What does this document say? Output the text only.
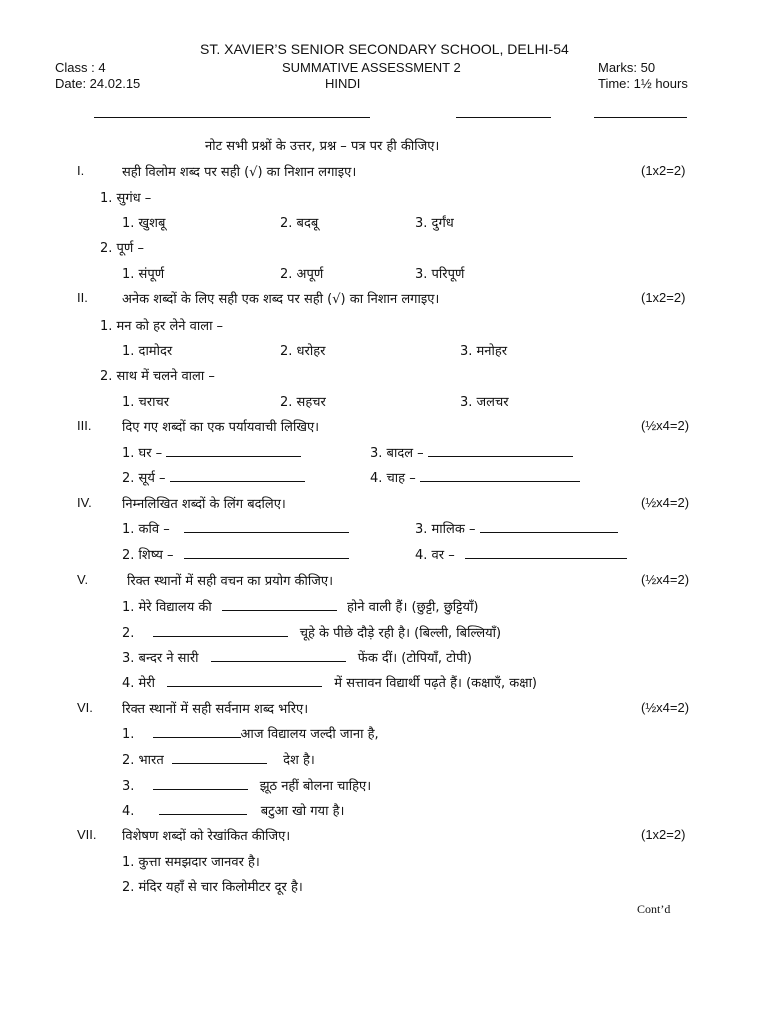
ST. XAVIER’S SENIOR SECONDARY SCHOOL, DELHI-54
Class : 4
Date: 24.02.15
SUMMATIVE ASSESSMENT 2
HINDI
Marks: 50
Time: 1½ hours
नोट सभी प्रश्नों के उत्तर, प्रश्न – पत्र पर ही कीजिए।
I.	सही विलोम शब्द पर सही (√) का निशान लगाइए।	(1x2=2)
1. सुगंध –
1. खुशबू	2. बदबू	3. दुर्गंध
2. पूर्ण –
1. संपूर्ण	2. अपूर्ण	3. परिपूर्ण
II.	अनेक शब्दों के लिए सही एक शब्द पर सही (√) का निशान लगाइए।	(1x2=2)
1. मन को हर लेने वाला –
1. दामोदर	2. धरोहर	3. मनोहर
2. साथ में चलने वाला –
1. चराचर	2. सहचर	3. जलचर
III. दिए गए शब्दों का एक पर्यायवाची लिखिए।	(½x4=2)
1. घर –	3. बादल –
2. सूर्य –	4. चाह –
IV. निम्नलिखित शब्दों के लिंग बदलिए।	(½x4=2)
1. कवि –	3. मालिक –
2. शिष्य –	4. वर –
V.	रिक्त स्थानों में सही वचन का प्रयोग कीजिए।	(½x4=2)
1. मेरे विद्यालय की	होने वाली हैं। (छुट्टी, छुट्टियाँ)
2.	चूहे के पीछे दौड़े रही है। (बिल्ली, बिल्लियाँ)
3. बन्दर ने सारी	फेंक दीं। (टोपियाँ, टोपी)
4. मेरी	में सत्तावन विद्यार्थी पढ़ते हैं। (कक्षाएँ, कक्षा)
VI. रिक्त स्थानों में सही सर्वनाम शब्द भरिए।	(½x4=2)
1.	आज विद्यालय जल्दी जाना है,
2. भारत	देश है।
3.	झूठ नहीं बोलना चाहिए।
4.	बटुआ खो गया है।
VII. विशेषण शब्दों को रेखांकित कीजिए।	(1x2=2)
1. कुत्ता समझदार जानवर है।
2. मंदिर यहाँ से चार किलोमीटर दूर है।
Cont’d
